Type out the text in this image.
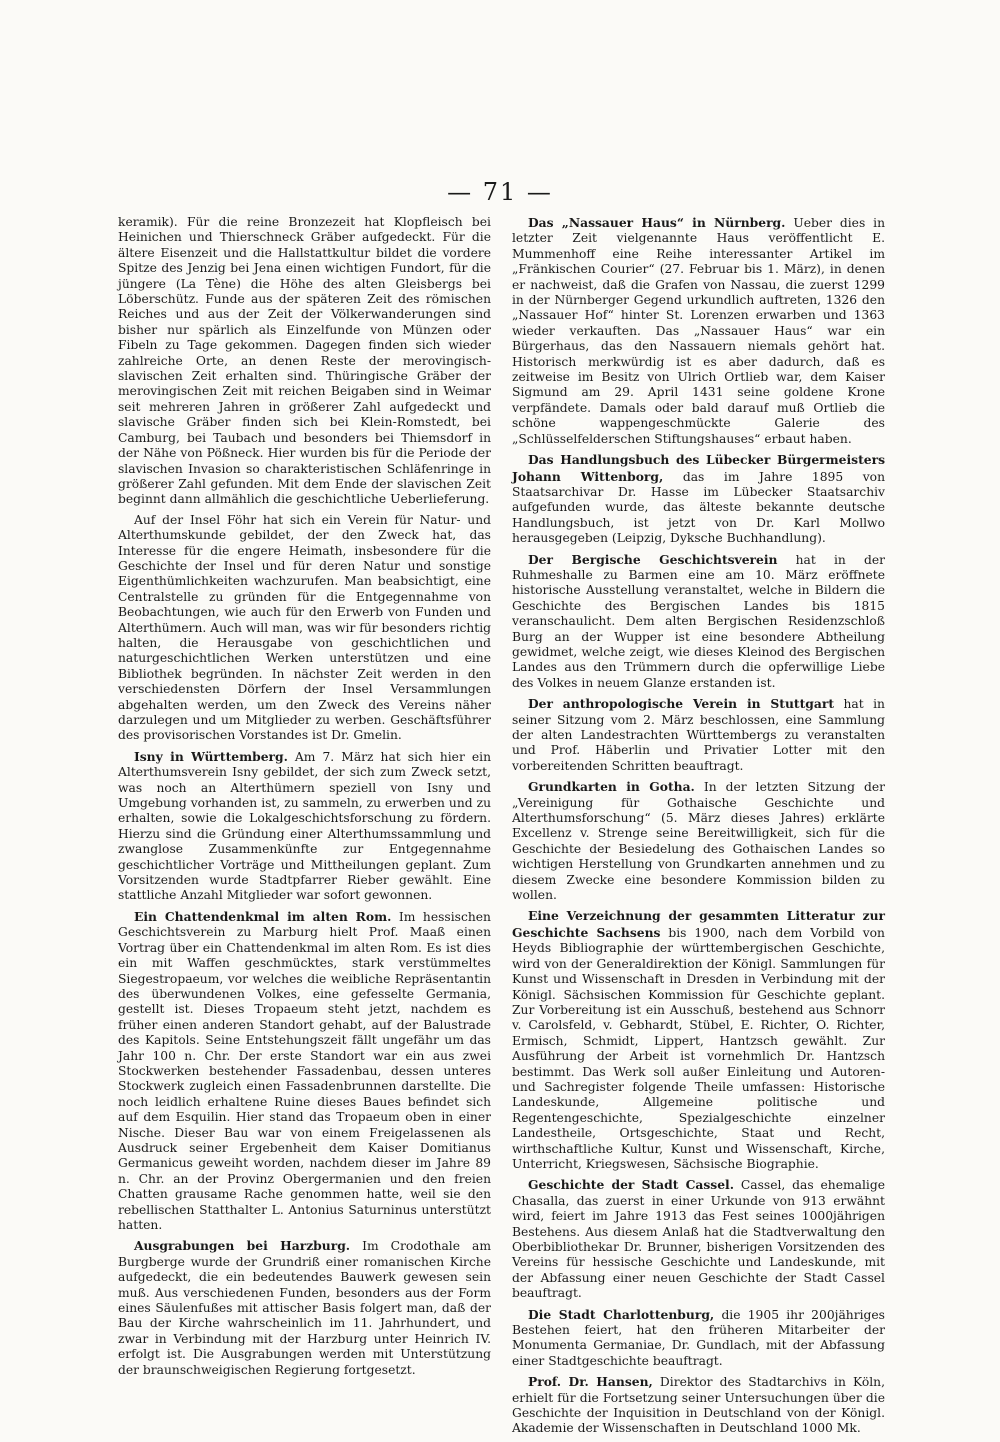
— 71 —

keramik). Für die reine Bronzezeit hat Klopfleisch bei Heinichen und Thierschneck Gräber aufgedeckt. Für die ältere Eisenzeit und die Hallstattkultur bildet die vordere Spitze des Jenzig bei Jena einen wichtigen Fundort, für die jüngere (La Tène) die Höhe des alten Gleisbergs bei Löberschütz. Funde aus der späteren Zeit des römischen Reiches und aus der Zeit der Völkerwanderungen sind bisher nur spärlich als Einzelfunde von Münzen oder Fibeln zu Tage gekommen. Dagegen finden sich wieder zahlreiche Orte, an denen Reste der merovingisch-slavischen Zeit erhalten sind. Thüringische Gräber der merovingischen Zeit mit reichen Beigaben sind in Weimar seit mehreren Jahren in größerer Zahl aufgedeckt und slavische Gräber finden sich bei Klein-Romstedt, bei Camburg, bei Taubach und besonders bei Thiemsdorf in der Nähe von Pößneck. Hier wurden bis für die Periode der slavischen Invasion so charakteristischen Schläfenringe in größerer Zahl gefunden. Mit dem Ende der slavischen Zeit beginnt dann allmählich die geschichtliche Ueberlieferung.

Auf der Insel Föhr hat sich ein Verein für Natur- und Alterthumskunde gebildet, der den Zweck hat, das Interesse für die engere Heimath, insbesondere für die Geschichte der Insel und für deren Natur und sonstige Eigenthümlichkeiten wachzurufen. Man beabsichtigt, eine Centralstelle zu gründen für die Entgegennahme von Beobachtungen, wie auch für den Erwerb von Funden und Alterthümern. Auch will man, was wir für besonders richtig halten, die Herausgabe von geschichtlichen und naturgeschichtlichen Werken unterstützen und eine Bibliothek begründen. In nächster Zeit werden in den verschiedensten Dörfern der Insel Versammlungen abgehalten werden, um den Zweck des Vereins näher darzulegen und um Mitglieder zu werben. Geschäftsführer des provisorischen Vorstandes ist Dr. Gmelin.

Isny in Württemberg. Am 7. März hat sich hier ein Alterthumsverein Isny gebildet, der sich zum Zweck setzt, was noch an Alterthümern speziell von Isny und Umgebung vorhanden ist, zu sammeln, zu erwerben und zu erhalten, sowie die Lokalgeschichtsforschung zu fördern. Hierzu sind die Gründung einer Alterthumssammlung und zwanglose Zusammenkünfte zur Entgegennahme geschichtlicher Vorträge und Mittheilungen geplant. Zum Vorsitzenden wurde Stadtpfarrer Rieber gewählt. Eine stattliche Anzahl Mitglieder war sofort gewonnen.

Ein Chattendenkmal im alten Rom. Im hessischen Geschichtsverein zu Marburg hielt Prof. Maaß einen Vortrag über ein Chattendenkmal im alten Rom. Es ist dies ein mit Waffen geschmücktes, stark verstümmeltes Siegestropaeum, vor welches die weibliche Repräsentantin des überwundenen Volkes, eine gefesselte Germania, gestellt ist. Dieses Tropaeum steht jetzt, nachdem es früher einen anderen Standort gehabt, auf der Balustrade des Kapitols. Seine Entstehungszeit fällt ungefähr um das Jahr 100 n. Chr. Der erste Standort war ein aus zwei Stockwerken bestehender Fassadenbau, dessen unteres Stockwerk zugleich einen Fassadenbrunnen darstellte. Die noch leidlich erhaltene Ruine dieses Baues befindet sich auf dem Esquilin. Hier stand das Tropaeum oben in einer Nische. Dieser Bau war von einem Freigelassenen als Ausdruck seiner Ergebenheit dem Kaiser Domitianus Germanicus geweiht worden, nachdem dieser im Jahre 89 n. Chr. an der Provinz Obergermanien und den freien Chatten grausame Rache genommen hatte, weil sie den rebellischen Statthalter L. Antonius Saturninus unterstützt hatten.

Ausgrabungen bei Harzburg. Im Crodothale am Burgberge wurde der Grundriß einer romanischen Kirche aufgedeckt, die ein bedeutendes Bauwerk gewesen sein muß. Aus verschiedenen Funden, besonders aus der Form eines Säulenfußes mit attischer Basis folgert man, daß der Bau der Kirche wahrscheinlich im 11. Jahrhundert, und zwar in Verbindung mit der Harzburg unter Heinrich IV. erfolgt ist. Die Ausgrabungen werden mit Unterstützung der braunschweigischen Regierung fortgesetzt.

Das „Nassauer Haus“ in Nürnberg. Ueber dies in letzter Zeit vielgenannte Haus veröffentlicht E. Mummenhoff eine Reihe interessanter Artikel im „Fränkischen Courier“ (27. Februar bis 1. März), in denen er nachweist, daß die Grafen von Nassau, die zuerst 1299 in der Nürnberger Gegend urkundlich auftreten, 1326 den „Nassauer Hof“ hinter St. Lorenzen erwarben und 1363 wieder verkauften. Das „Nassauer Haus“ war ein Bürgerhaus, das den Nassauern niemals gehört hat. Historisch merkwürdig ist es aber dadurch, daß es zeitweise im Besitz von Ulrich Ortlieb war, dem Kaiser Sigmund am 29. April 1431 seine goldene Krone verpfändete. Damals oder bald darauf muß Ortlieb die schöne wappengeschmückte Galerie des „Schlüsselfelderschen Stiftungshauses“ erbaut haben.

Das Handlungsbuch des Lübecker Bürgermeisters Johann Wittenborg, das im Jahre 1895 von Staatsarchivar Dr. Hasse im Lübecker Staatsarchiv aufgefunden wurde, das älteste bekannte deutsche Handlungsbuch, ist jetzt von Dr. Karl Mollwo herausgegeben (Leipzig, Dyksche Buchhandlung).

Der Bergische Geschichtsverein hat in der Ruhmeshalle zu Barmen eine am 10. März eröffnete historische Ausstellung veranstaltet, welche in Bildern die Geschichte des Bergischen Landes bis 1815 veranschaulicht. Dem alten Bergischen Residenzschloß Burg an der Wupper ist eine besondere Abtheilung gewidmet, welche zeigt, wie dieses Kleinod des Bergischen Landes aus den Trümmern durch die opferwillige Liebe des Volkes in neuem Glanze erstanden ist.

Der anthropologische Verein in Stuttgart hat in seiner Sitzung vom 2. März beschlossen, eine Sammlung der alten Landestrachten Württembergs zu veranstalten und Prof. Häberlin und Privatier Lotter mit den vorbereitenden Schritten beauftragt.

Grundkarten in Gotha. In der letzten Sitzung der „Vereinigung für Gothaische Geschichte und Alterthumsforschung“ (5. März dieses Jahres) erklärte Excellenz v. Strenge seine Bereitwilligkeit, sich für die Geschichte der Besiedelung des Gothaischen Landes so wichtigen Herstellung von Grundkarten annehmen und zu diesem Zwecke eine besondere Kommission bilden zu wollen.

Eine Verzeichnung der gesammten Litteratur zur Geschichte Sachsens bis 1900, nach dem Vorbild von Heyds Bibliographie der württembergischen Geschichte, wird von der Generaldirektion der Königl. Sammlungen für Kunst und Wissenschaft in Dresden in Verbindung mit der Königl. Sächsischen Kommission für Geschichte geplant. Zur Vorbereitung ist ein Ausschuß, bestehend aus Schnorr v. Carolsfeld, v. Gebhardt, Stübel, E. Richter, O. Richter, Ermisch, Schmidt, Lippert, Hantzsch gewählt. Zur Ausführung der Arbeit ist vornehmlich Dr. Hantzsch bestimmt. Das Werk soll außer Einleitung und Autoren- und Sachregister folgende Theile umfassen: Historische Landeskunde, Allgemeine politische und Regentengeschichte, Spezialgeschichte einzelner Landestheile, Ortsgeschichte, Staat und Recht, wirthschaftliche Kultur, Kunst und Wissenschaft, Kirche, Unterricht, Kriegswesen, Sächsische Biographie.

Geschichte der Stadt Cassel. Cassel, das ehemalige Chasalla, das zuerst in einer Urkunde von 913 erwähnt wird, feiert im Jahre 1913 das Fest seines 1000jährigen Bestehens. Aus diesem Anlaß hat die Stadtverwaltung den Oberbibliothekar Dr. Brunner, bisherigen Vorsitzenden des Vereins für hessische Geschichte und Landeskunde, mit der Abfassung einer neuen Geschichte der Stadt Cassel beauftragt.

Die Stadt Charlottenburg, die 1905 ihr 200jähriges Bestehen feiert, hat den früheren Mitarbeiter der Monumenta Germaniae, Dr. Gundlach, mit der Abfassung einer Stadtgeschichte beauftragt.

Prof. Dr. Hansen, Direktor des Stadtarchivs in Köln, erhielt für die Fortsetzung seiner Untersuchungen über die Geschichte der Inquisition in Deutschland von der Königl. Akademie der Wissenschaften in Deutschland 1000 Mk.
